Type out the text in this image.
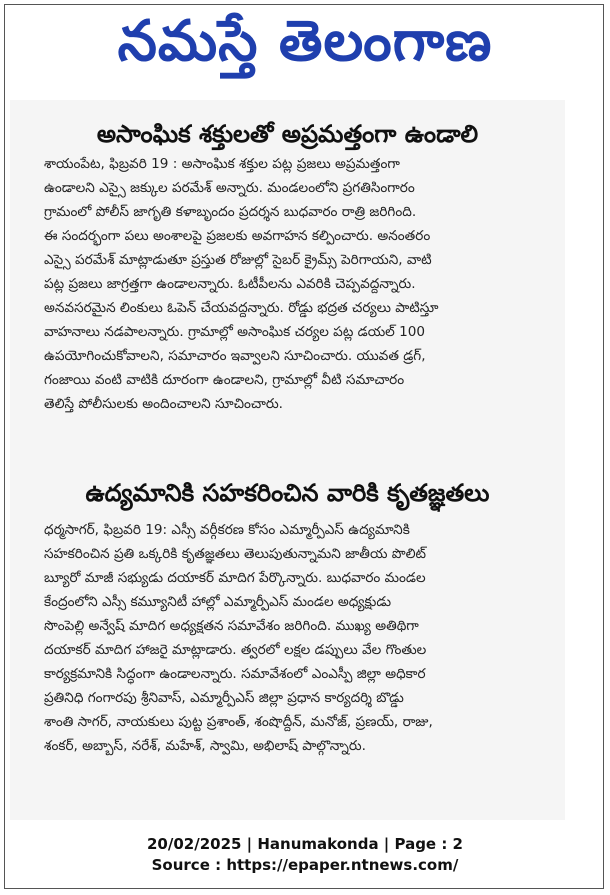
నమస్తే తెలంగాణ
అసాంఘిక శక్తులతో అప్రమత్తంగా ఉండాలి
శాయంపేట, ఫిబ్రవరి 19 : అసాంఘిక శక్తుల పట్ల ప్రజలు అప్రమత్తంగా
ఉండాలని ఎస్సై జక్కుల పరమేశ్ అన్నారు. మండలంలోని ప్రగతిసింగారం
గ్రామంలో పోలీస్ జాగృతి కళాబృందం ప్రదర్శన బుధవారం రాత్రి జరిగింది.
ఈ సందర్భంగా పలు అంశాలపై ప్రజలకు అవగాహన కల్పించారు. అనంతరం
ఎస్సై పరమేశ్ మాట్లాడుతూ ప్రస్తుత రోజుల్లో సైబర్ క్రైమ్స్ పెరిగాయని, వాటి
పట్ల ప్రజలు జాగ్రత్తగా ఉండాలన్నారు. ఓటీపీలను ఎవరికి చెప్పవద్దన్నారు.
అనవసరమైన లింకులు ఓపెన్ చేయవద్దన్నారు. రోడ్డు భద్రత చర్యలు పాటిస్తూ
వాహనాలు నడపాలన్నారు. గ్రామాల్లో అసాంఘిక చర్యల పట్ల డయల్ 100
ఉపయోగించుకోవాలని, సమాచారం ఇవ్వాలని సూచించారు. యువత డ్రగ్,
గంజాయి వంటి వాటికి దూరంగా ఉండాలని, గ్రామాల్లో వీటి సమాచారం
తెలిస్తే పోలీసులకు అందించాలని సూచించారు.
ఉద్యమానికి సహకరించిన వారికి కృతజ్ఞతలు
ధర్మసాగర్, ఫిబ్రవరి 19: ఎస్సీ వర్గీకరణ కోసం ఎమ్మార్పీఎస్ ఉద్యమానికి
సహకరించిన ప్రతి ఒక్కరికి కృతజ్ఞతలు తెలుపుతున్నామని జాతీయ పొలిట్
బ్యూరో మాజీ సభ్యుడు దయాకర్ మాదిగ పేర్కొన్నారు. బుధవారం మండల
కేంద్రంలోని ఎస్సీ కమ్యూనిటీ హాల్లో ఎమ్మార్పీఎస్ మండల అధ్యక్షుడు
సొంపెల్లి అన్వేష్ మాదిగ అధ్యక్షతన సమావేశం జరిగింది. ముఖ్య అతిథిగా
దయాకర్ మాదిగ హాజరై మాట్లాడారు. త్వరలో లక్షల డప్పులు వేల గొంతుల
కార్యక్రమానికి సిద్ధంగా ఉండాలన్నారు. సమావేశంలో ఎంఎస్పీ జిల్లా అధికార
ప్రతినిధి గంగారపు శ్రీనివాస్, ఎమ్మార్పీఎస్ జిల్లా ప్రధాన కార్యదర్శి బొడ్డు
శాంతి సాగర్, నాయకులు పుట్ట ప్రశాంత్, శంషొద్దీన్, మనోజ్, ప్రణయ్, రాజు,
శంకర్, అబ్బాస్, నరేశ్, మహేశ్, స్వామి, అభిలాష్ పాల్గొన్నారు.
20/02/2025 | Hanumakonda | Page : 2
Source : https://epaper.ntnews.com/
